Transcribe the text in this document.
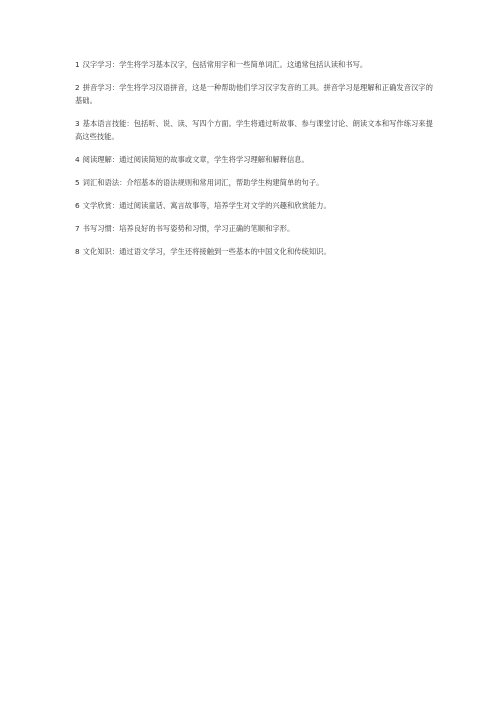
1 汉字学习：学生将学习基本汉字，包括常用字和一些简单词汇。这通常包括认读和书写。

2 拼音学习：学生将学习汉语拼音，这是一种帮助他们学习汉字发音的工具。拼音学习是理解和正确发音汉字的基础。

3 基本语言技能：包括听、说、读、写四个方面。学生将通过听故事、参与课堂讨论、朗读文本和写作练习来提高这些技能。

4 阅读理解：通过阅读简短的故事或文章，学生将学习理解和解释信息。

5 词汇和语法：介绍基本的语法规则和常用词汇，帮助学生构建简单的句子。

6 文学欣赏：通过阅读童话、寓言故事等，培养学生对文学的兴趣和欣赏能力。

7 书写习惯：培养良好的书写姿势和习惯，学习正确的笔顺和字形。

8 文化知识：通过语文学习，学生还将接触到一些基本的中国文化和传统知识。
